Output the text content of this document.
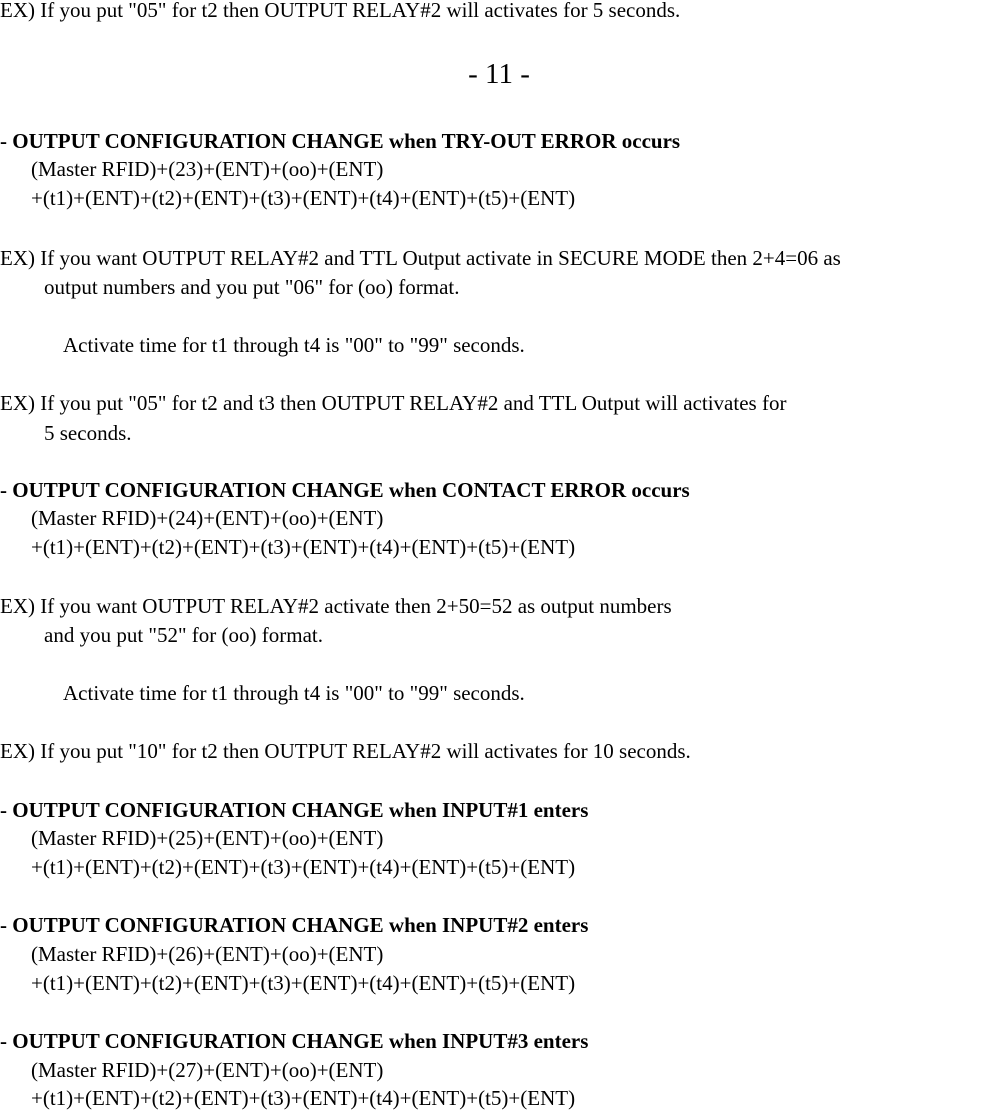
EX) If you put "05" for t2 then OUTPUT RELAY#2 will activates for 5 seconds.

- 11 -

- OUTPUT CONFIGURATION CHANGE when TRY-OUT ERROR occurs

(Master RFID)+(23)+(ENT)+(oo)+(ENT)

+(t1)+(ENT)+(t2)+(ENT)+(t3)+(ENT)+(t4)+(ENT)+(t5)+(ENT)

EX) If you want OUTPUT RELAY#2 and TTL Output activate in SECURE MODE then 2+4=06 as

output numbers and you put "06" for (oo) format.

Activate time for t1 through t4 is "00" to "99" seconds.

EX) If you put "05" for t2 and t3 then OUTPUT RELAY#2 and TTL Output will activates for

5 seconds.

- OUTPUT CONFIGURATION CHANGE when CONTACT ERROR occurs

(Master RFID)+(24)+(ENT)+(oo)+(ENT)

+(t1)+(ENT)+(t2)+(ENT)+(t3)+(ENT)+(t4)+(ENT)+(t5)+(ENT)

EX) If you want OUTPUT RELAY#2 activate then 2+50=52 as output numbers

and you put "52" for (oo) format.

Activate time for t1 through t4 is "00" to "99" seconds.

EX) If you put "10" for t2 then OUTPUT RELAY#2 will activates for 10 seconds.

- OUTPUT CONFIGURATION CHANGE when INPUT#1 enters

(Master RFID)+(25)+(ENT)+(oo)+(ENT)

+(t1)+(ENT)+(t2)+(ENT)+(t3)+(ENT)+(t4)+(ENT)+(t5)+(ENT)

- OUTPUT CONFIGURATION CHANGE when INPUT#2 enters

(Master RFID)+(26)+(ENT)+(oo)+(ENT)

+(t1)+(ENT)+(t2)+(ENT)+(t3)+(ENT)+(t4)+(ENT)+(t5)+(ENT)

- OUTPUT CONFIGURATION CHANGE when INPUT#3 enters

(Master RFID)+(27)+(ENT)+(oo)+(ENT)

+(t1)+(ENT)+(t2)+(ENT)+(t3)+(ENT)+(t4)+(ENT)+(t5)+(ENT)
